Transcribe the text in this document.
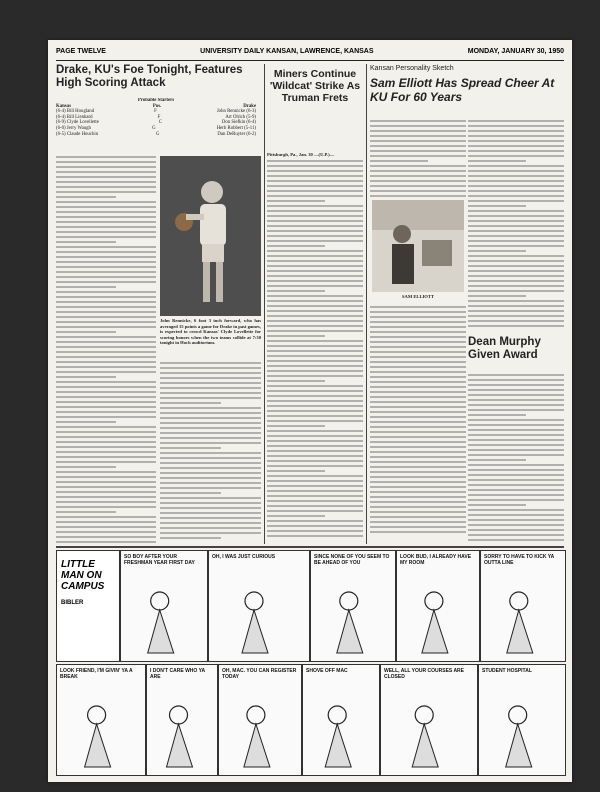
PAGE TWELVE	UNIVERSITY DAILY KANSAN, LAWRENCE, KANSAS	MONDAY, JANUARY 30, 1950
Drake, KU's Foe Tonight, Features High Scoring Attack
Probable Starters
Kansas	Pos.	Drake
(6-4) Bill Hougland	F	John Rennicke (6-3)
(6-4) Bill Lienhard	F	Art Olrich (5-9)
(6-9) Clyde Lovellette	C	Don Siefkin (6-4)
(6-0) Jerry Waugh	G	Herb Robbert (5-11)
(6-5) Claude Houchin	G	Dan DeRuyter (6-2)
John Rennicke, 6 foot 3 inch forward, who has averaged 15 points a game for Drake in past games, is expected to crowd Kansas' Clyde Lovellette for scoring honors when the two teams collide at 7:30 tonight in Hoch auditorium.
Miners Continue 'Wildcat' Strike As Truman Frets
Pittsburgh, Pa., Jan. 30 —(U.P.)—
Kansan Personality Sketch
Sam Elliott Has Spread Cheer At KU For 60 Years
SAM ELLIOTT
Dean Murphy Given Award
LITTLE MAN ON CAMPUS
BIBLER
SO BOY AFTER YOUR FRESHMAN YEAR FIRST DAY
OH, I WAS JUST CURIOUS	SINCE NONE OF YOU SEEM TO BE AHEAD OF YOU
LOOK BUD, I ALREADY HAVE MY ROOM
SORRY TO HAVE TO KICK YA OUTTA LINE
LOOK FRIEND, I'M GIVIN' YA A BREAK
I DON'T CARE WHO YA ARE
OH, MAC. YOU CAN REGISTER TODAY
SHOVE OFF MAC	WELL, ALL YOUR COURSES ARE CLOSED
STUDENT HOSPITAL
